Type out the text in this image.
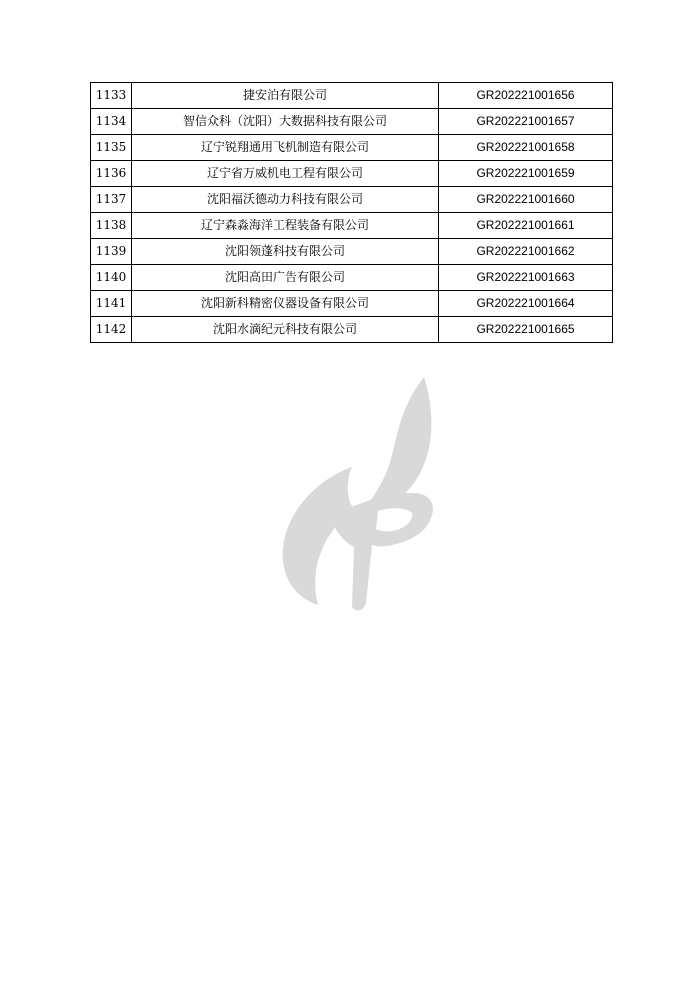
1133	捷安泊有限公司	GR202221001656
1134	智信众科（沈阳）大数据科技有限公司	GR202221001657
1135	辽宁锐翔通用飞机制造有限公司	GR202221001658
1136	辽宁省万威机电工程有限公司	GR202221001659
1137	沈阳福沃德动力科技有限公司	GR202221001660
1138	辽宁森淼海洋工程装备有限公司	GR202221001661
1139	沈阳领蓬科技有限公司	GR202221001662
1140	沈阳高田广告有限公司	GR202221001663
1141	沈阳新科精密仪器设备有限公司	GR202221001664
1142	沈阳水滴纪元科技有限公司	GR202221001665
